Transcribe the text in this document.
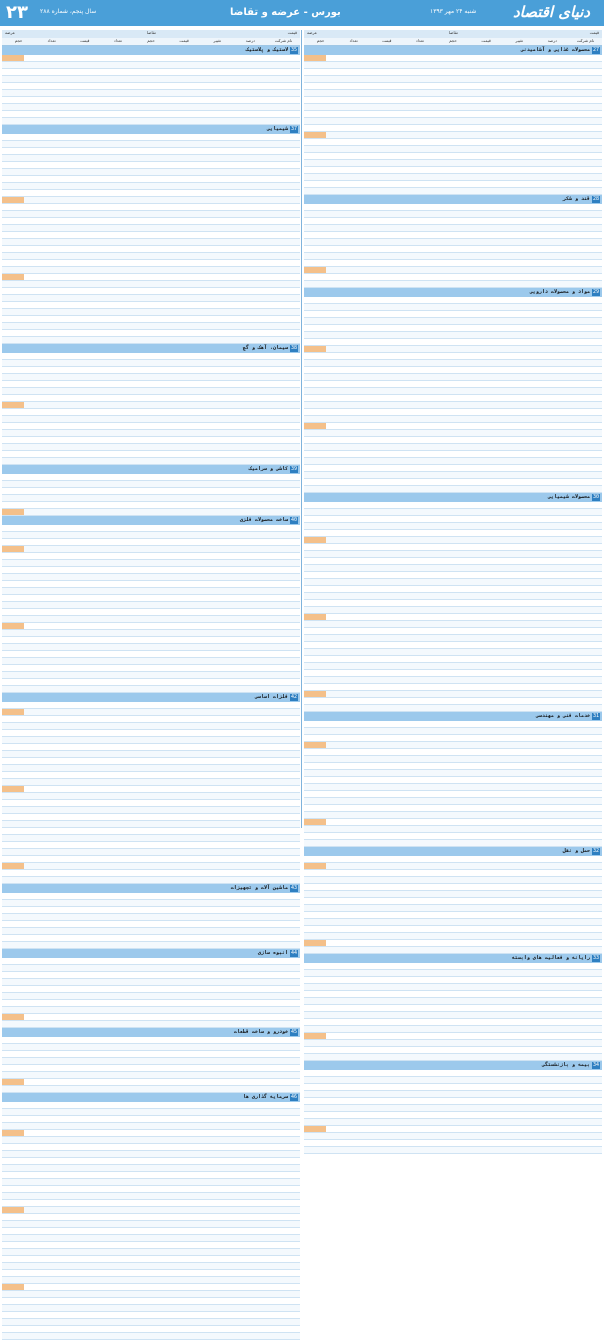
۲۳ سال پنجم، شماره ۲۸۸	بورس - عرضه و تقاضا	شنبه ۲۴ مهر ۱۳۹۳ دنیای اقتصاد
عرضه	تقاضا	قیمت
حجم	تعداد	قیمت	تعداد	حجم	قیمت	تغییر	درصد	نام شرکت
لاستیک و پلاستیک 35
شیمیایی 37
سیمان، آهک و گچ 38
کاشی و سرامیک 39
ساخت محصولات فلزی 40
فلزات اساسی 42
ماشین آلات و تجهیزات 43
انبوه سازی 44
خودرو و ساخت قطعات 45
سرمایه گذاری ها 46
عرضه	تقاضا	قیمت
حجم	تعداد	قیمت	تعداد	حجم	قیمت	تغییر	درصد	نام شرکت
محصولات غذایی و آشامیدنی 27
قند و شکر 28
مواد و محصولات دارویی 29
محصولات شیمیایی 30
خدمات فنی و مهندسی 31
حمل و نقل 32
رایانه و فعالیت های وابسته 33
بیمه و بازنشستگی 34
